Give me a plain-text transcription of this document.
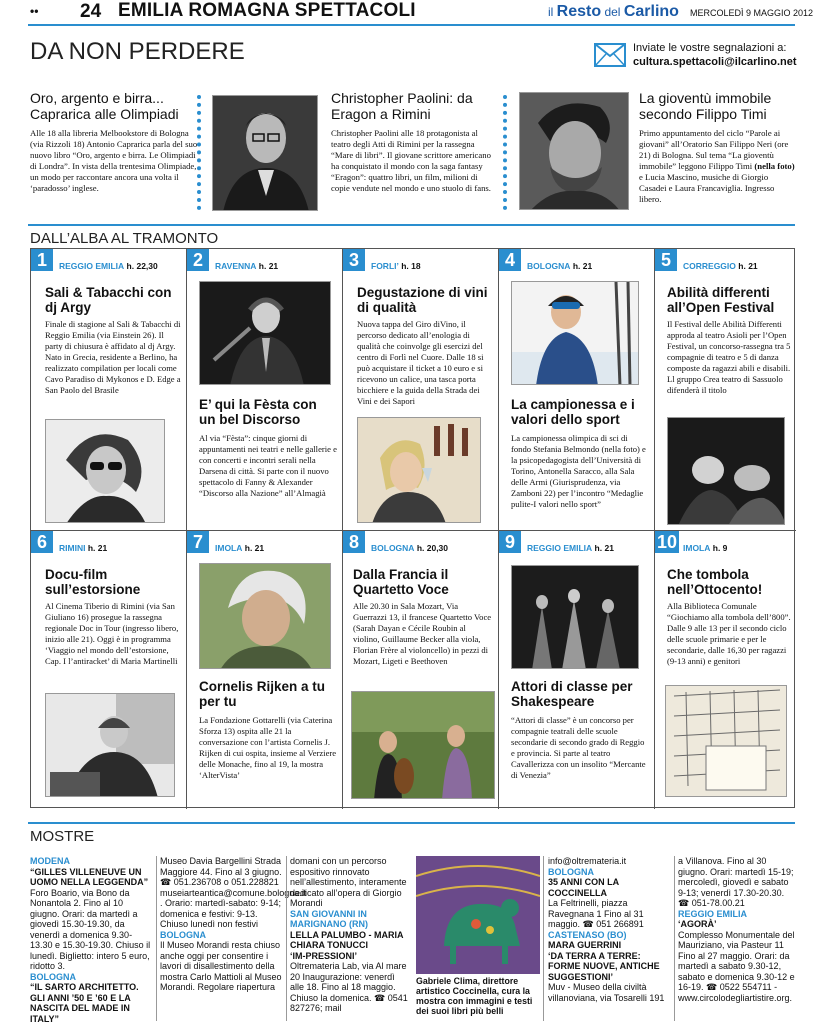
•• 24 EMILIA ROMAGNA SPETTACOLI	il Resto del Carlino MERCOLEDÌ 9 MAGGIO 2012
DA NON PERDERE	Inviate le vostre segnalazioni a:
cultura.spettacoli@ilcarlino.net
Oro, argento e birra... Caprarica alle Olimpiadi

Alle 18 alla libreria Melbookstore di Bologna (via Rizzoli 18) Antonio Caprarica parla del suo nuovo libro “Oro, argento e birra. Le Olimpiadi di Londra”. In vista della trentesima Olimpiade, un modo per raccontare ancora una volta il ‘paradosso’ inglese.

Christopher Paolini: da Eragon a Rimini

Christopher Paolini alle 18 protagonista al teatro degli Atti di Rimini per la rassegna “Mare di libri”. Il giovane scrittore americano ha conquistato il mondo con la saga fantasy “Eragon”: quattro libri, un film, milioni di copie vendute nel mondo e uno stuolo di fans.

La gioventù immobile secondo Filippo Timi

Primo appuntamento del ciclo “Parole ai giovani” all’Oratorio San Filippo Neri (ore 21) di Bologna. Sul tema “La gioventù immobile” leggono Filippo Timi (nella foto) e Lucia Mascino, musiche di Giorgio Casadei e Laura Francaviglia. Ingresso libero.

DALL’ALBA AL TRAMONTO
1	REGGIO EMILIA h. 22,30
Sali & Tabacchi con dj Argy
Finale di stagione al Sali & Tabacchi di Reggio Emilia (via Einstein 26). Il party di chiusura è affidato al dj Argy. Nato in Grecia, residente a Berlino, ha realizzato compilation per locali come Cavo Paradiso di Mykonos e D. Edge a San Paolo del Brasile
2	RAVENNA h. 21
E’ qui la Fèsta con un bel Discorso
Al via “Fèsta”: cinque giorni di appuntamenti nei teatri e nelle gallerie e con concerti e incontri serali nella Darsena di città. Si parte con il nuovo spettacolo di Fanny & Alexander “Discorso alla Nazione” all’Almagià
3	FORLI’ h. 18
Degustazione di vini di qualità
Nuova tappa del Giro diVino, il percorso dedicato all’enologia di qualità che coinvolge gli esercizi del centro di Forlì nel Cuore. Dalle 18 si può acquistare il ticket a 10 euro e si ricevono un calice, una tasca porta bicchiere e la guida della Strada dei Vini e dei Sapori
4	BOLOGNA h. 21
La campionessa e i valori dello sport
La campionessa olimpica di sci di fondo Stefania Belmondo (nella foto) e la psicopedagogista dell’Università di Torino, Antonella Saracco, alla Sala delle Armi (Giurisprudenza, via Zamboni 22) per l’incontro “Medaglie pulite-I valori nello sport”
5	CORREGGIO h. 21
Abilità differenti all’Open Festival
Il Festival delle Abilità Differenti approda al teatro Asioli per l’Open Festival, un concorso-rassegna tra 5 compagnie di teatro e 5 di danza composte da ragazzi abili e disabili. Ll gruppo Crea teatro di Sassuolo difenderà il titolo
6	RIMINI h. 21
Docu-film sull’estorsione
Al Cinema Tiberio di Rimini (via San Giuliano 16) prosegue la rassegna regionale Doc in Tour (ingresso libero, inizio alle 21). Oggi è in programma ‘Viaggio nel mondo dell’estorsione, Cap. I l’antiracket’ di Maria Martinelli
7	IMOLA h. 21
Cornelis Rijken a tu per tu
La Fondazione Gottarelli (via Caterina Sforza 13) ospita alle 21 la conversazione con l’artista Cornelis J. Rijken di cui ospita, insieme al Verziere delle Monache, fino al 19, la mostra ‘AlterVista’
8	BOLOGNA h. 20,30
Dalla Francia il Quartetto Voce
Alle 20.30 in Sala Mozart, Via Guerrazzi 13, il francese Quartetto Voce (Sarah Dayan e Cécile Roubin al violino, Guillaume Becker alla viola, Florian Frère al violoncello) in pezzi di Mozart, Ligeti e Beethoven
9	REGGIO EMILIA h. 21
Attori di classe per Shakespeare
“Attori di classe” è un concorso per compagnie teatrali delle scuole secondarie di secondo grado di Reggio e provincia. Si parte al teatro Cavallerizza con un insolito “Mercante di Venezia”
10 IMOLA h. 9
Che tombola nell’Ottocento!
Alla Biblioteca Comunale “Giochiamo alla tombola dell’800”. Dalle 9 alle 13 per il secondo ciclo delle scuole primarie e per le secondarie, dalle 16,30 per ragazzi (9-13 anni) e genitori
MOSTRE
MODENA
“GILLES VILLENEUVE UN UOMO NELLA LEGGENDA”
Foro Boario, via Bono da Nonantola 2. Fino al 10 giugno. Orari: da martedì a giovedì 15.30-19.30, da venerdì a domenica 9.30-13.30 e 15.30-19.30. Chiuso il lunedì. Biglietto: intero 5 euro, ridotto 3.
BOLOGNA
“IL SARTO ARCHITETTO. GLI ANNI ’50 E ’60 E LA NASCITA DEL MADE IN ITALY”
Museo Davia Bargellini Strada Maggiore 44. Fino al 3 giugno. ☎ 051.236708 o 051.228821 museiarteantica@comune.bologna.it . Orario: martedì-sabato: 9-14; domenica e festivi: 9-13. Chiuso lunedì non festivi
BOLOGNA
Il Museo Morandi resta chiuso anche oggi per consentire i lavori di disallestimento della mostra Carlo Mattioli al Museo Morandi. Regolare riapertura
domani con un percorso espositivo rinnovato nell’allestimento, interamente dedicato all’opera di Giorgio Morandi
SAN GIOVANNI IN MARIGNANO (RN)
LELLA PALUMBO - MARIA CHIARA TONUCCI
‘IM-PRESSIONI’
Oltremateria Lab, via Al mare 20 Inaugurazione: venerdì alle 18. Fino al 18 maggio. Chiuso la domenica. ☎ 0541 827276; mail
Gabriele Clima, direttore artistico Coccinella, cura la mostra con immagini e testi dei suoi libri più belli
info@oltremateria.it
BOLOGNA
35 ANNI CON LA COCCINELLA
La Feltrinelli, piazza Ravegnana 1 Fino al 31 maggio. ☎ 051 266891
CASTENASO (BO)
MARA GUERRINI
‘DA TERRA A TERRE: FORME NUOVE, ANTICHE SUGGESTIONI’
Muv - Museo della civiltà villanoviana, via Tosarelli 191
a Villanova. Fino al 30 giugno. Orari: martedì 15-19; mercoledì, giovedì e sabato 9-13; venerdì 17.30-20.30. ☎ 051-78.00.21
REGGIO EMILIA
‘AGORÀ’
Complesso Monumentale del Mauriziano, via Pasteur 11 Fino al 27 maggio. Orari: da martedì a sabato 9.30-12, sabato e domenica 9.30-12 e 16-19. ☎ 0522 554711 - www.circolodegliartistire.org.
